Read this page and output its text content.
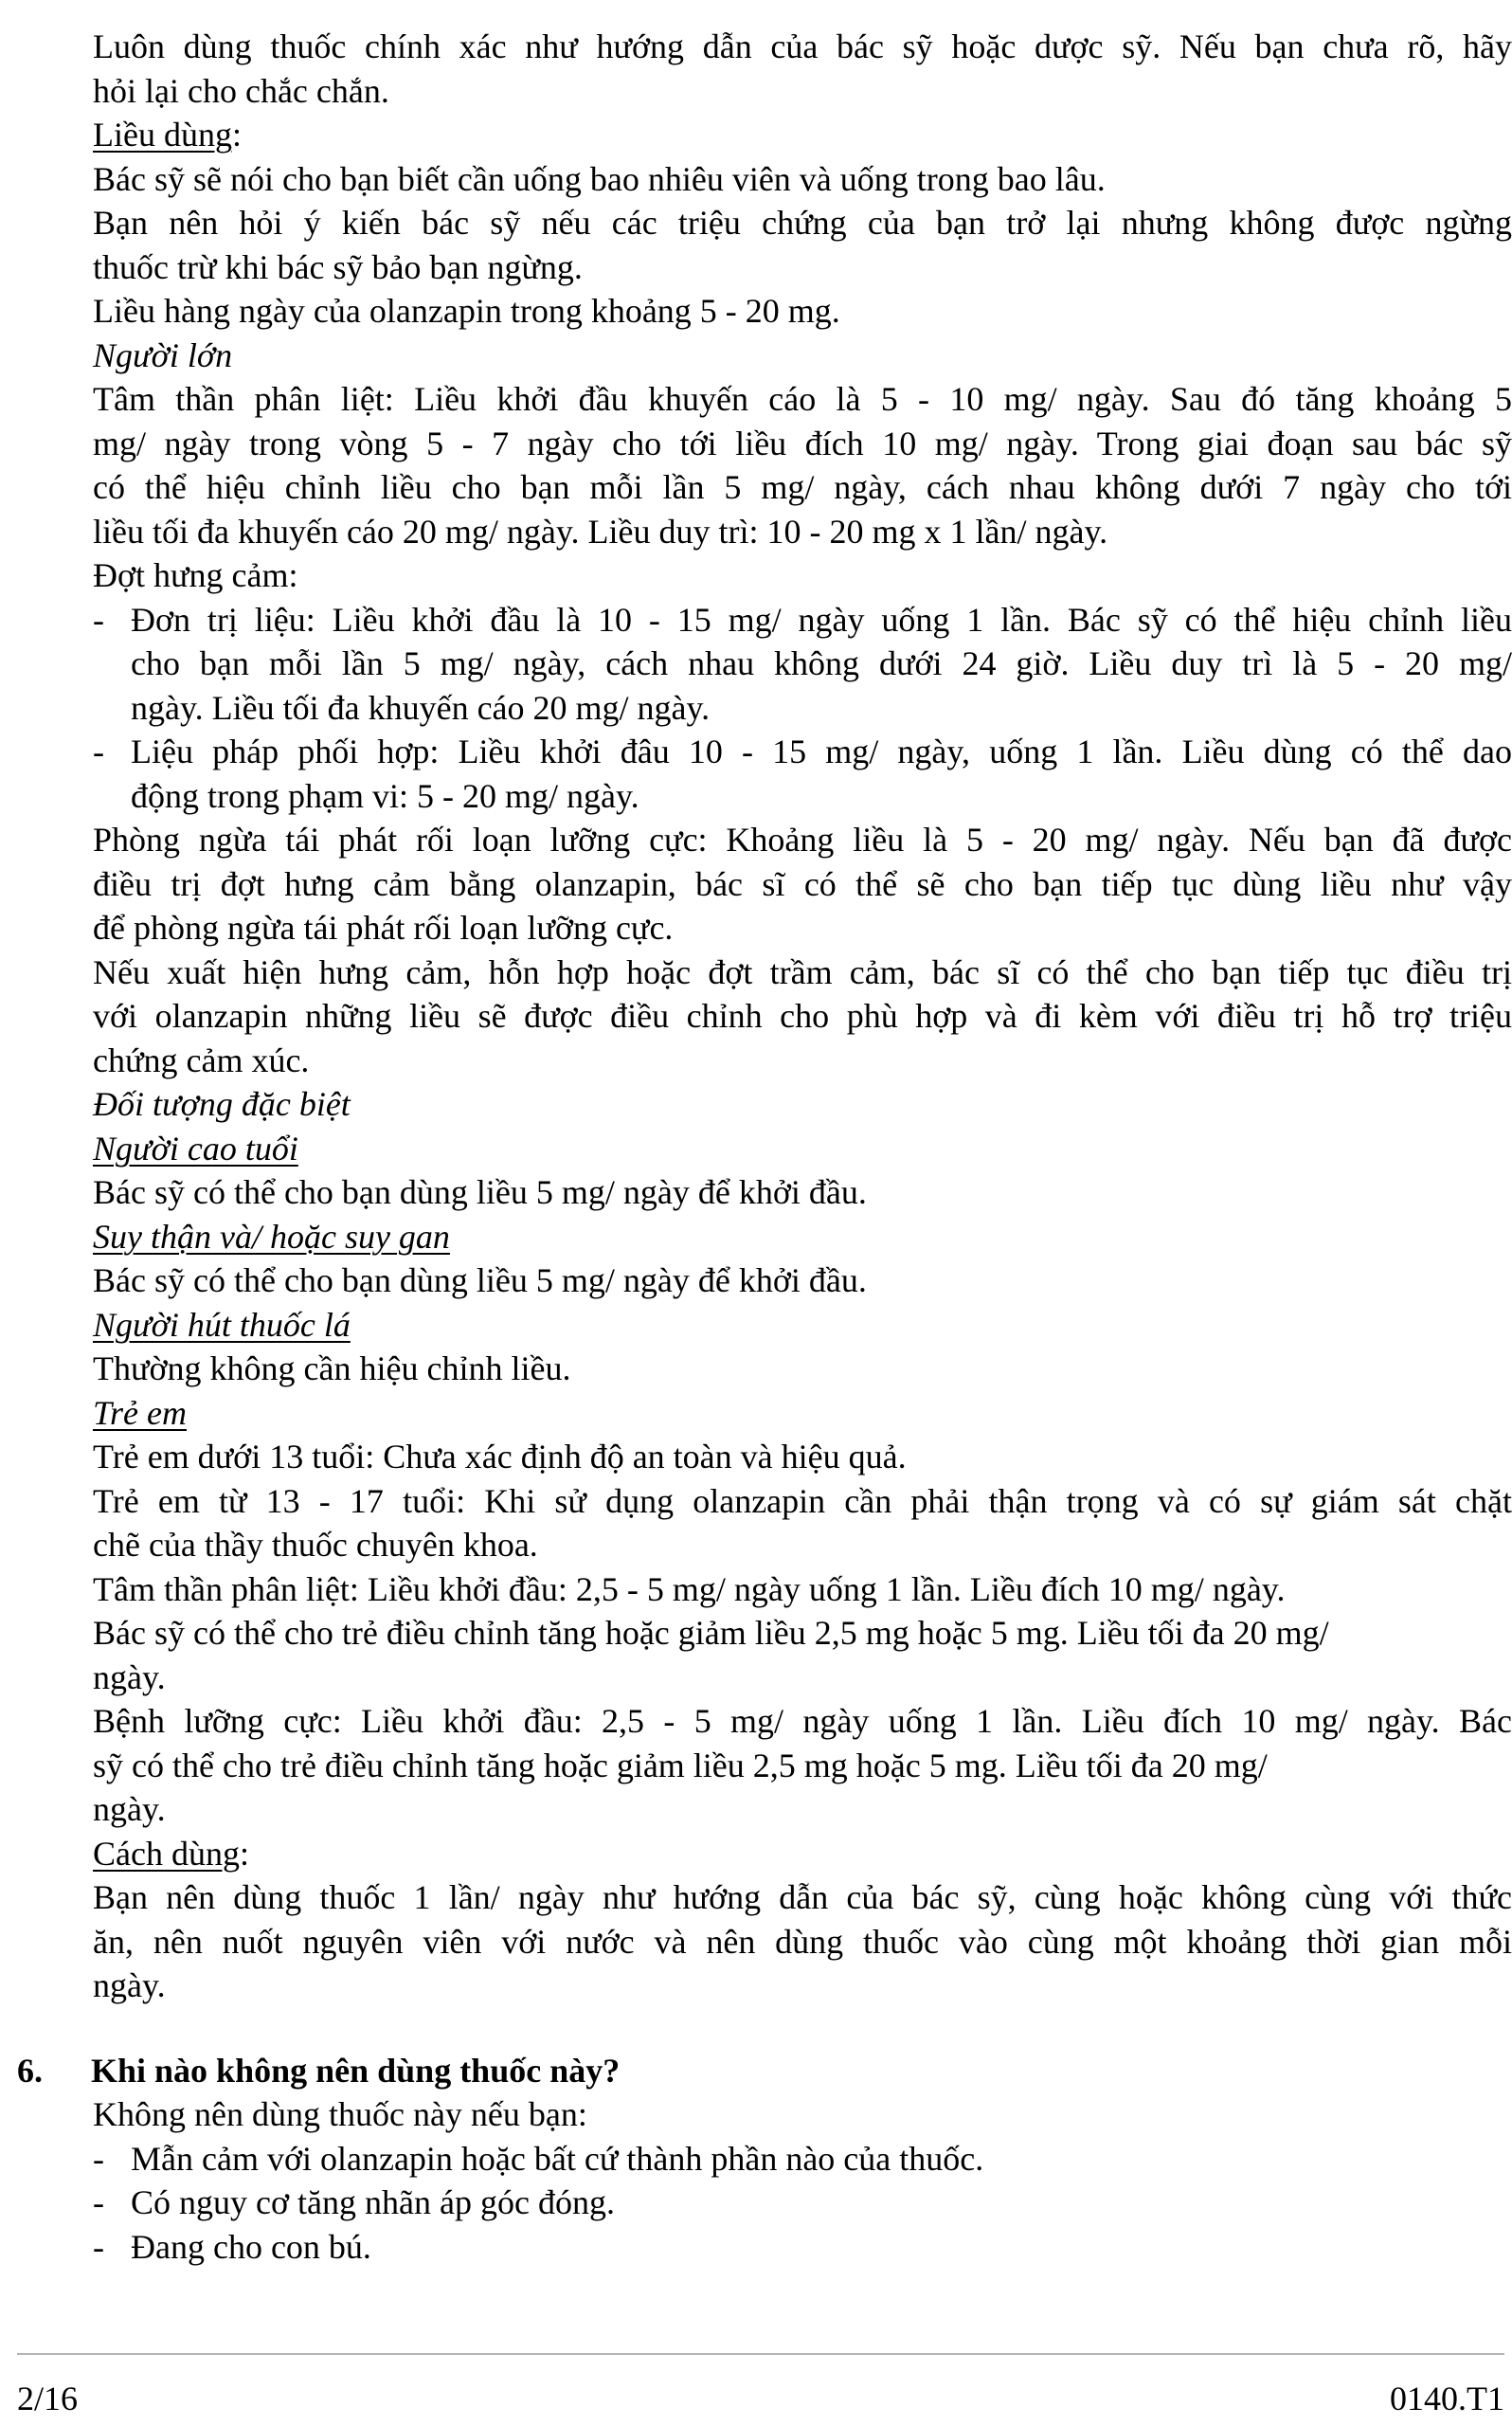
Luôn dùng thuốc chính xác như hướng dẫn của bác sỹ hoặc dược sỹ. Nếu bạn chưa rõ, hãy
hỏi lại cho chắc chắn.
Liều dùng:
Bác sỹ sẽ nói cho bạn biết cần uống bao nhiêu viên và uống trong bao lâu.
Bạn nên hỏi ý kiến bác sỹ nếu các triệu chứng của bạn trở lại nhưng không được ngừng
thuốc trừ khi bác sỹ bảo bạn ngừng.
Liều hàng ngày của olanzapin trong khoảng 5 - 20 mg.
Người lớn
Tâm thần phân liệt: Liều khởi đầu khuyến cáo là 5 - 10 mg/ ngày. Sau đó tăng khoảng 5
mg/ ngày trong vòng 5 - 7 ngày cho tới liều đích 10 mg/ ngày. Trong giai đoạn sau bác sỹ
có thể hiệu chỉnh liều cho bạn mỗi lần 5 mg/ ngày, cách nhau không dưới 7 ngày cho tới
liều tối đa khuyến cáo 20 mg/ ngày. Liều duy trì: 10 - 20 mg x 1 lần/ ngày.
Đợt hưng cảm:
- Đơn trị liệu: Liều khởi đầu là 10 - 15 mg/ ngày uống 1 lần. Bác sỹ có thể hiệu chỉnh liều
cho bạn mỗi lần 5 mg/ ngày, cách nhau không dưới 24 giờ. Liều duy trì là 5 - 20 mg/
ngày. Liều tối đa khuyến cáo 20 mg/ ngày.
- Liệu pháp phối hợp: Liều khởi đâu 10 - 15 mg/ ngày, uống 1 lần. Liều dùng có thể dao
động trong phạm vi: 5 - 20 mg/ ngày.
Phòng ngừa tái phát rối loạn lưỡng cực: Khoảng liều là 5 - 20 mg/ ngày. Nếu bạn đã được
điều trị đợt hưng cảm bằng olanzapin, bác sĩ có thể sẽ cho bạn tiếp tục dùng liều như vậy
để phòng ngừa tái phát rối loạn lưỡng cực.
Nếu xuất hiện hưng cảm, hỗn hợp hoặc đợt trầm cảm, bác sĩ có thể cho bạn tiếp tục điều trị
với olanzapin những liều sẽ được điều chỉnh cho phù hợp và đi kèm với điều trị hỗ trợ triệu
chứng cảm xúc.
Đối tượng đặc biệt
Người cao tuổi
Bác sỹ có thể cho bạn dùng liều 5 mg/ ngày để khởi đầu.
Suy thận và/ hoặc suy gan
Bác sỹ có thể cho bạn dùng liều 5 mg/ ngày để khởi đầu.
Người hút thuốc lá
Thường không cần hiệu chỉnh liều.
Trẻ em
Trẻ em dưới 13 tuổi: Chưa xác định độ an toàn và hiệu quả.
Trẻ em từ 13 - 17 tuổi: Khi sử dụng olanzapin cần phải thận trọng và có sự giám sát chặt
chẽ của thầy thuốc chuyên khoa.
Tâm thần phân liệt: Liều khởi đầu: 2,5 - 5 mg/ ngày uống 1 lần. Liều đích 10 mg/ ngày.
Bác sỹ có thể cho trẻ điều chỉnh tăng hoặc giảm liều 2,5 mg hoặc 5 mg. Liều tối đa 20 mg/
ngày.
Bệnh lưỡng cực: Liều khởi đầu: 2,5 - 5 mg/ ngày uống 1 lần. Liều đích 10 mg/ ngày. Bác
sỹ có thể cho trẻ điều chỉnh tăng hoặc giảm liều 2,5 mg hoặc 5 mg. Liều tối đa 20 mg/
ngày.
Cách dùng:
Bạn nên dùng thuốc 1 lần/ ngày như hướng dẫn của bác sỹ, cùng hoặc không cùng với thức
ăn, nên nuốt nguyên viên với nước và nên dùng thuốc vào cùng một khoảng thời gian mỗi
ngày.
6. Khi nào không nên dùng thuốc này?
Không nên dùng thuốc này nếu bạn:
- Mẫn cảm với olanzapin hoặc bất cứ thành phần nào của thuốc.
- Có nguy cơ tăng nhãn áp góc đóng.
- Đang cho con bú.
2/16	0140.T1
